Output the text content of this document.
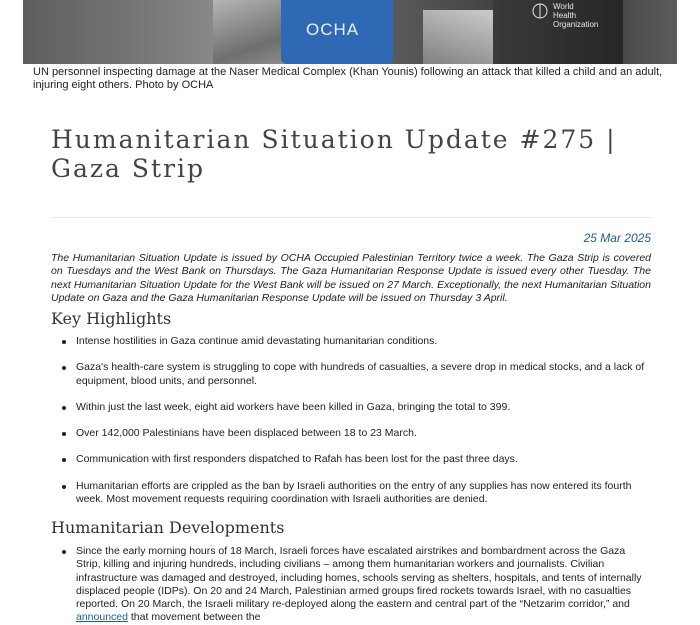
OCHA
World Health Organization
UN personnel inspecting damage at the Naser Medical Complex (Khan Younis) following an attack that killed a child and an adult, injuring eight others. Photo by OCHA
Humanitarian Situation Update #275 | Gaza Strip
25 Mar 2025

The Humanitarian Situation Update is issued by OCHA Occupied Palestinian Territory twice a week. The Gaza Strip is covered on Tuesdays and the West Bank on Thursdays. The Gaza Humanitarian Response Update is issued every other Tuesday. The next Humanitarian Situation Update for the West Bank will be issued on 27 March. Exceptionally, the next Humanitarian Situation Update on Gaza and the Gaza Humanitarian Response Update will be issued on Thursday 3 April.

Key Highlights
Intense hostilities in Gaza continue amid devastating humanitarian conditions.
Gaza's health-care system is struggling to cope with hundreds of casualties, a severe drop in medical stocks, and a lack of equipment, blood units, and personnel.
Within just the last week, eight aid workers have been killed in Gaza, bringing the total to 399.
Over 142,000 Palestinians have been displaced between 18 to 23 March.
Communication with first responders dispatched to Rafah has been lost for the past three days.
Humanitarian efforts are crippled as the ban by Israeli authorities on the entry of any supplies has now entered its fourth week. Most movement requests requiring coordination with Israeli authorities are denied.
Humanitarian Developments
Since the early morning hours of 18 March, Israeli forces have escalated airstrikes and bombardment across the Gaza Strip, killing and injuring hundreds, including civilians – among them humanitarian workers and journalists. Civilian infrastructure was damaged and destroyed, including homes, schools serving as shelters, hospitals, and tents of internally displaced people (IDPs). On 20 and 24 March, Palestinian armed groups fired rockets towards Israel, with no casualties reported. On 20 March, the Israeli military re-deployed along the eastern and central part of the “Netzarim corridor,” and announced that movement between the
